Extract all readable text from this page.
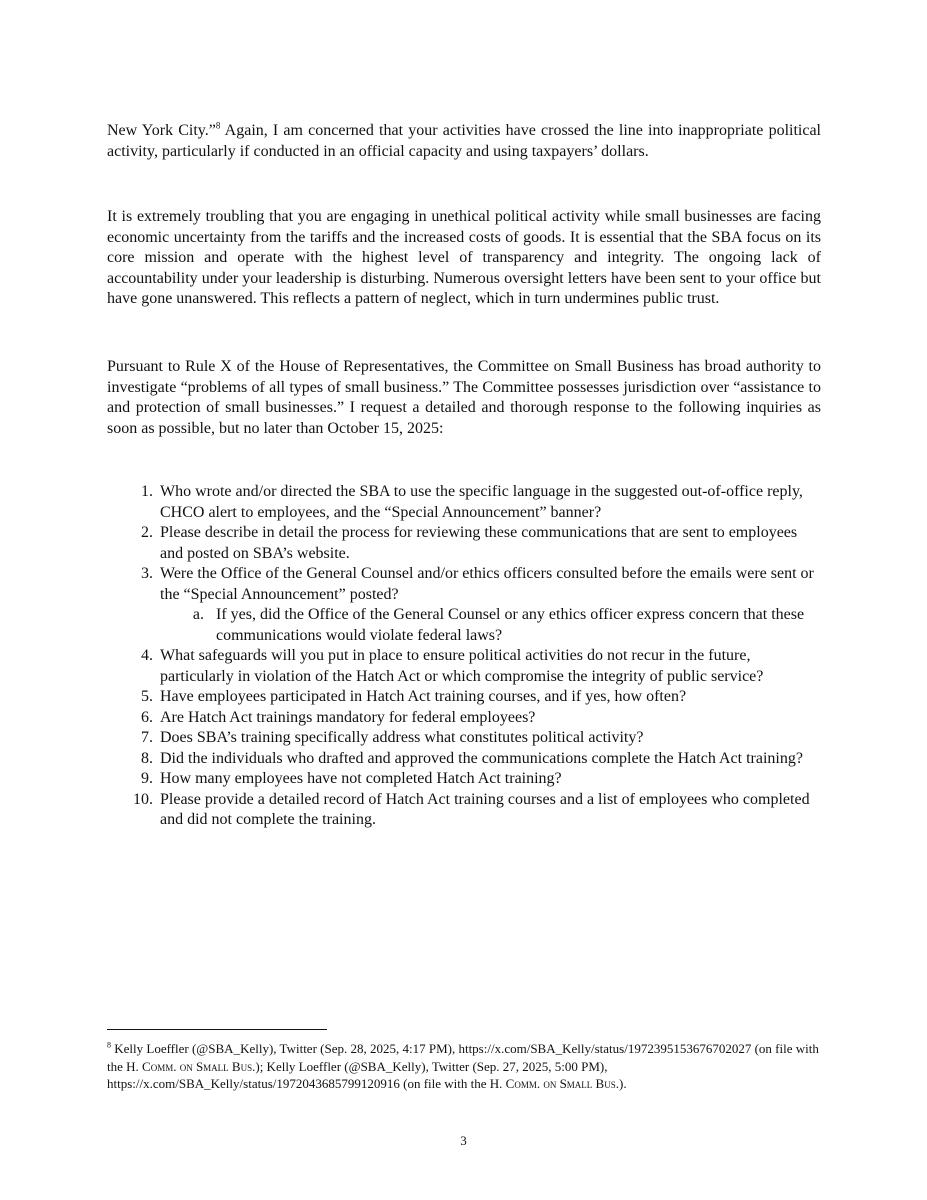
New York City.”$^8$ Again, I am concerned that your activities have crossed the line into inappropriate political activity, particularly if conducted in an official capacity and using taxpayers’ dollars.

It is extremely troubling that you are engaging in unethical political activity while small businesses are facing economic uncertainty from the tariffs and the increased costs of goods. It is essential that the SBA focus on its core mission and operate with the highest level of transparency and integrity. The ongoing lack of accountability under your leadership is disturbing. Numerous oversight letters have been sent to your office but have gone unanswered. This reflects a pattern of neglect, which in turn undermines public trust.

Pursuant to Rule X of the House of Representatives, the Committee on Small Business has broad authority to investigate “problems of all types of small business.” The Committee possesses jurisdiction over “assistance to and protection of small businesses.” I request a detailed and thorough response to the following inquiries as soon as possible, but no later than October 15, 2025:

1. Who wrote and/or directed the SBA to use the specific language in the suggested out-of-office reply, CHCO alert to employees, and the “Special Announcement” banner?
2. Please describe in detail the process for reviewing these communications that are sent to employees and posted on SBA’s website.
3. Were the Office of the General Counsel and/or ethics officers consulted before the emails were sent or the “Special Announcement” posted?
a. If yes, did the Office of the General Counsel or any ethics officer express concern that these communications would violate federal laws?
4. What safeguards will you put in place to ensure political activities do not recur in the future, particularly in violation of the Hatch Act or which compromise the integrity of public service?
5. Have employees participated in Hatch Act training courses, and if yes, how often?
6. Are Hatch Act trainings mandatory for federal employees?
7. Does SBA’s training specifically address what constitutes political activity?
8. Did the individuals who drafted and approved the communications complete the Hatch Act training?
9. How many employees have not completed Hatch Act training?
10. Please provide a detailed record of Hatch Act training courses and a list of employees who completed and did not complete the training.

$^8$ Kelly Loeffler (@SBA_Kelly), Twitter (Sep. 28, 2025, 4:17 PM), https://x.com/SBA_Kelly/status/1972395153676702027 (on file with the H. Comm. on Small Bus.); Kelly Loeffler (@SBA_Kelly), Twitter (Sep. 27, 2025, 5:00 PM), https://x.com/SBA_Kelly/status/1972043685799120916 (on file with the H. Comm. on Small Bus.).

3
